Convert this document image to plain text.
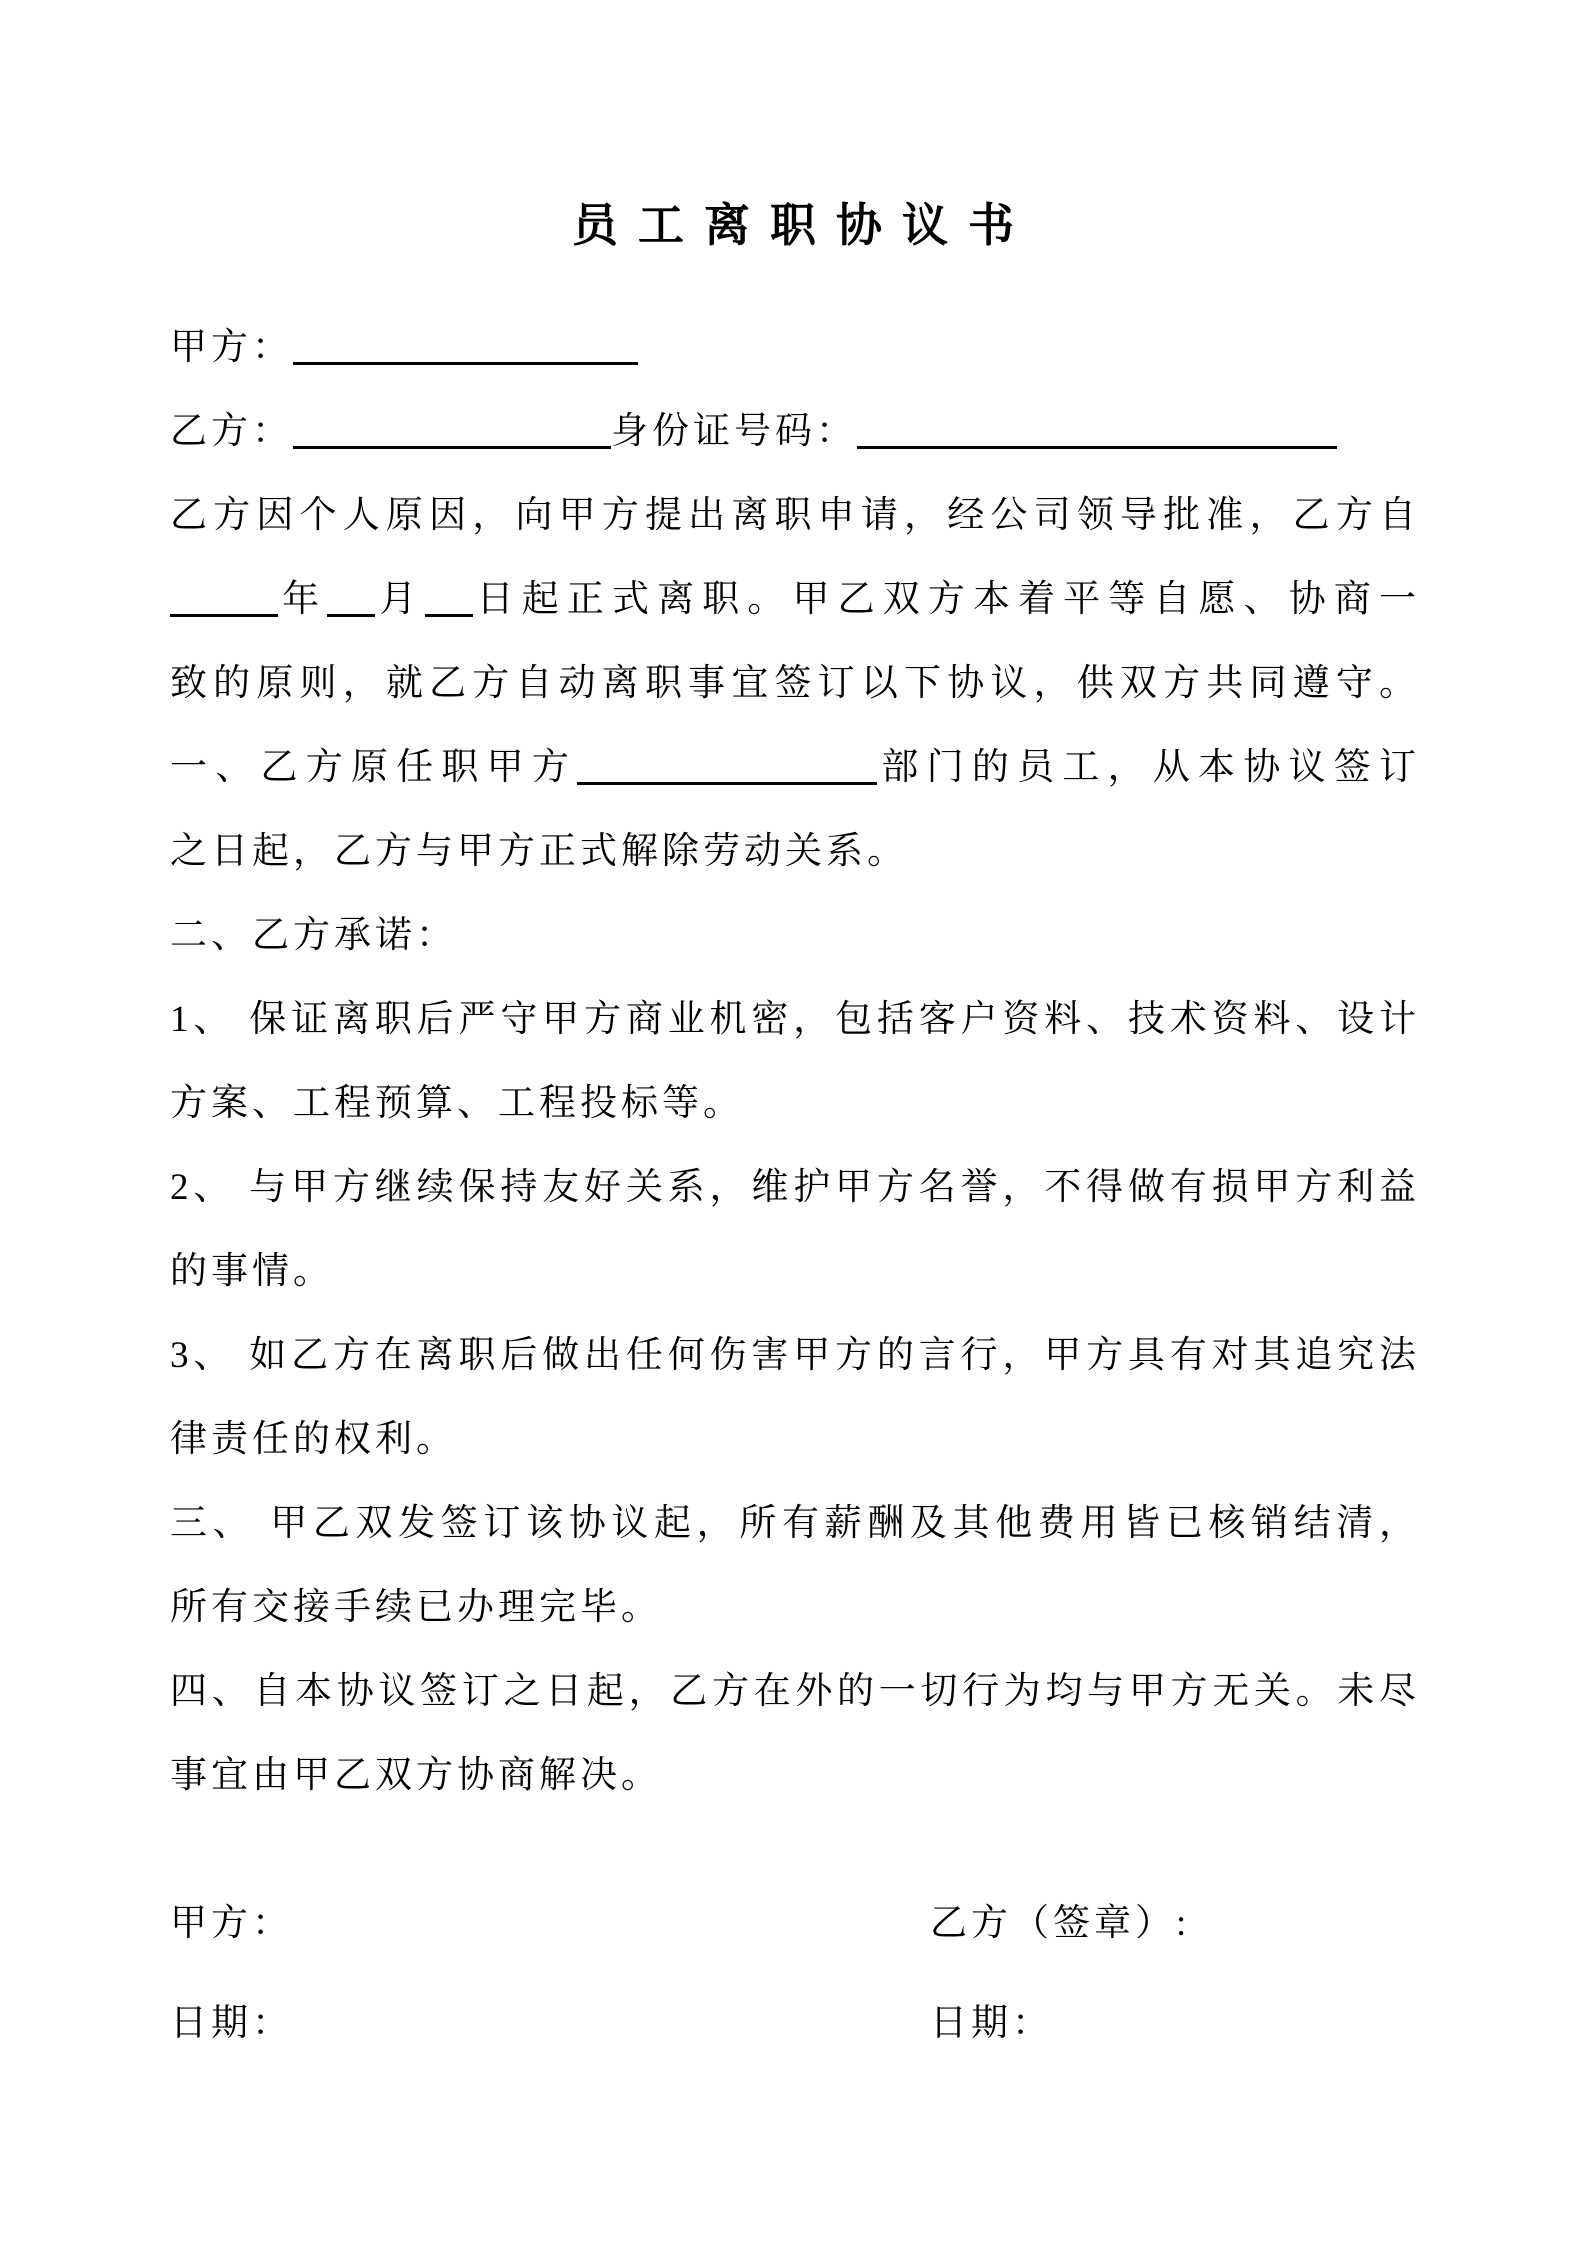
员工离职协议书
甲方：
乙方：	身份证号码：
乙方因个人原因，向甲方提出离职申请，经公司领导批准，乙方自
年 月 日起正式离职。甲乙双方本着平等自愿、协商一
致的原则，就乙方自动离职事宜签订以下协议，供双方共同遵守。
一、乙方原任职甲方	部门的员工，从本协议签订
之日起，乙方与甲方正式解除劳动关系。
二、乙方承诺：
1、 保证离职后严守甲方商业机密，包括客户资料、技术资料、设计
方案、工程预算、工程投标等。
2、 与甲方继续保持友好关系，维护甲方名誉，不得做有损甲方利益
的事情。
3、 如乙方在离职后做出任何伤害甲方的言行，甲方具有对其追究法
律责任的权利。
三、 甲乙双发签订该协议起，所有薪酬及其他费用皆已核销结清，
所有交接手续已办理完毕。
四、自本协议签订之日起，乙方在外的一切行为均与甲方无关。未尽
事宜由甲乙双方协商解决。
甲方：	乙方（签章）:
日期：	日期：
